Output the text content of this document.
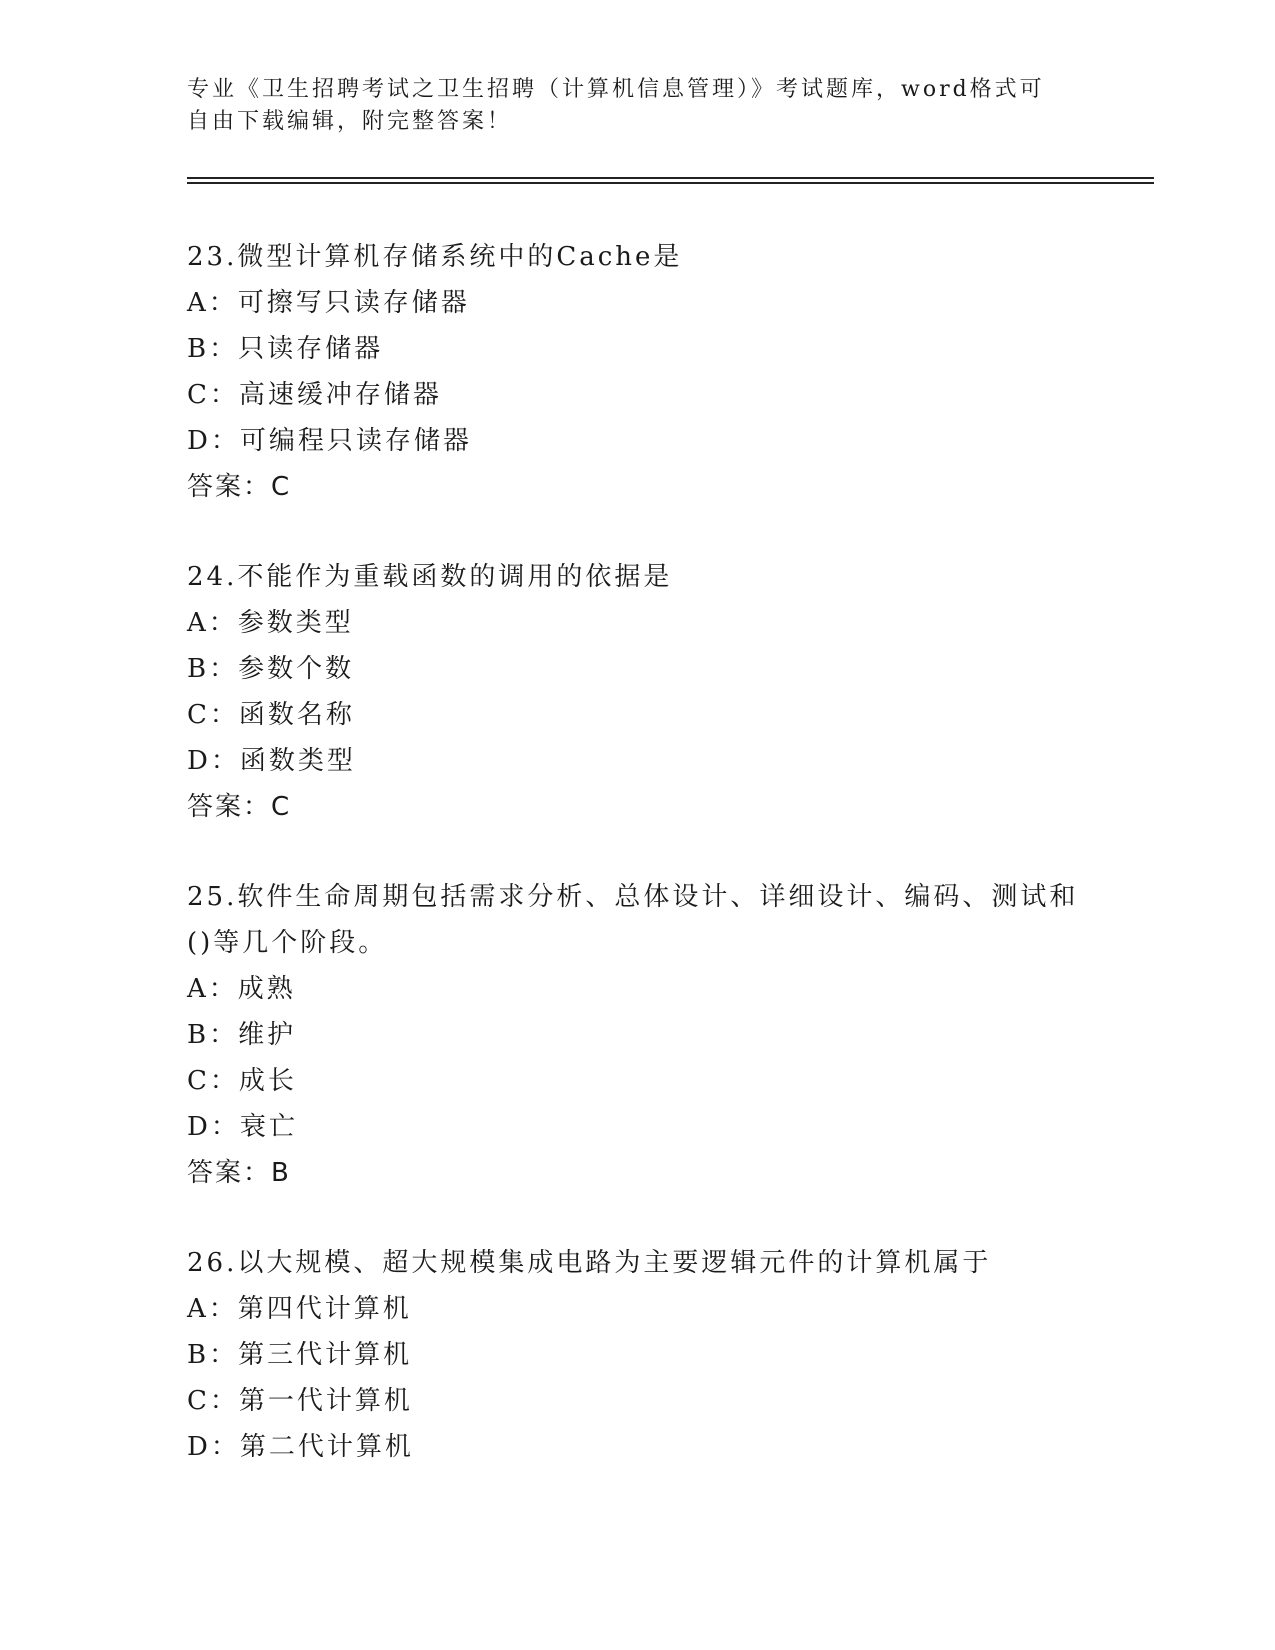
专业《卫生招聘考试之卫生招聘（计算机信息管理）》考试题库，word格式可自由下载编辑，附完整答案！

23.微型计算机存储系统中的Cache是

A：可擦写只读存储器

B：只读存储器

C：高速缓冲存储器

D：可编程只读存储器

答案：C

24.不能作为重载函数的调用的依据是

A：参数类型

B：参数个数

C：函数名称

D：函数类型

答案：C

25.软件生命周期包括需求分析、总体设计、详细设计、编码、测试和()等几个阶段。

A：成熟

B：维护

C：成长

D：衰亡

答案：B

26.以大规模、超大规模集成电路为主要逻辑元件的计算机属于

A：第四代计算机

B：第三代计算机

C：第一代计算机

D：第二代计算机
